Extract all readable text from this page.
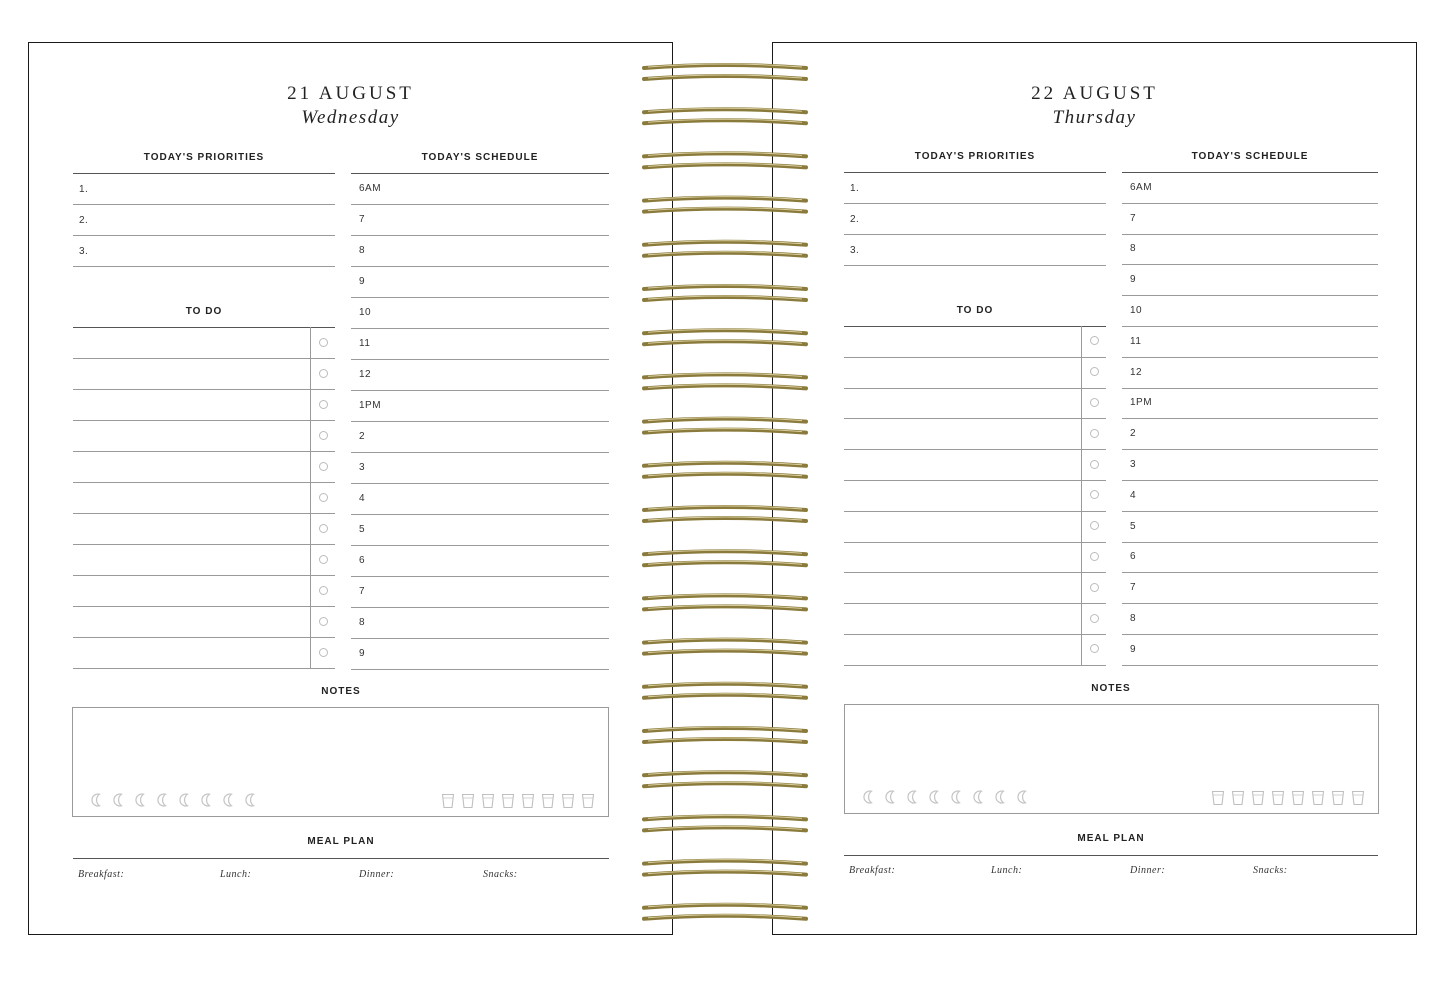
21 AUGUST
Wednesday
TODAY'S PRIORITIES	TODAY'S SCHEDULE
1.
2.
3.
TO DO
6AM
7
8
9
10
11
12
1PM
2
3
4
5
6
7
8
9
NOTES
MEAL PLAN
Breakfast:	Lunch:	Dinner:	Snacks:
22 AUGUST
Thursday
TODAY'S PRIORITIES	TODAY'S SCHEDULE
1.
2.
3.
TO DO
6AM
7
8
9
10
11
12
1PM
2
3
4
5
6
7
8
9
NOTES
MEAL PLAN
Breakfast:	Lunch:	Dinner:	Snacks:
